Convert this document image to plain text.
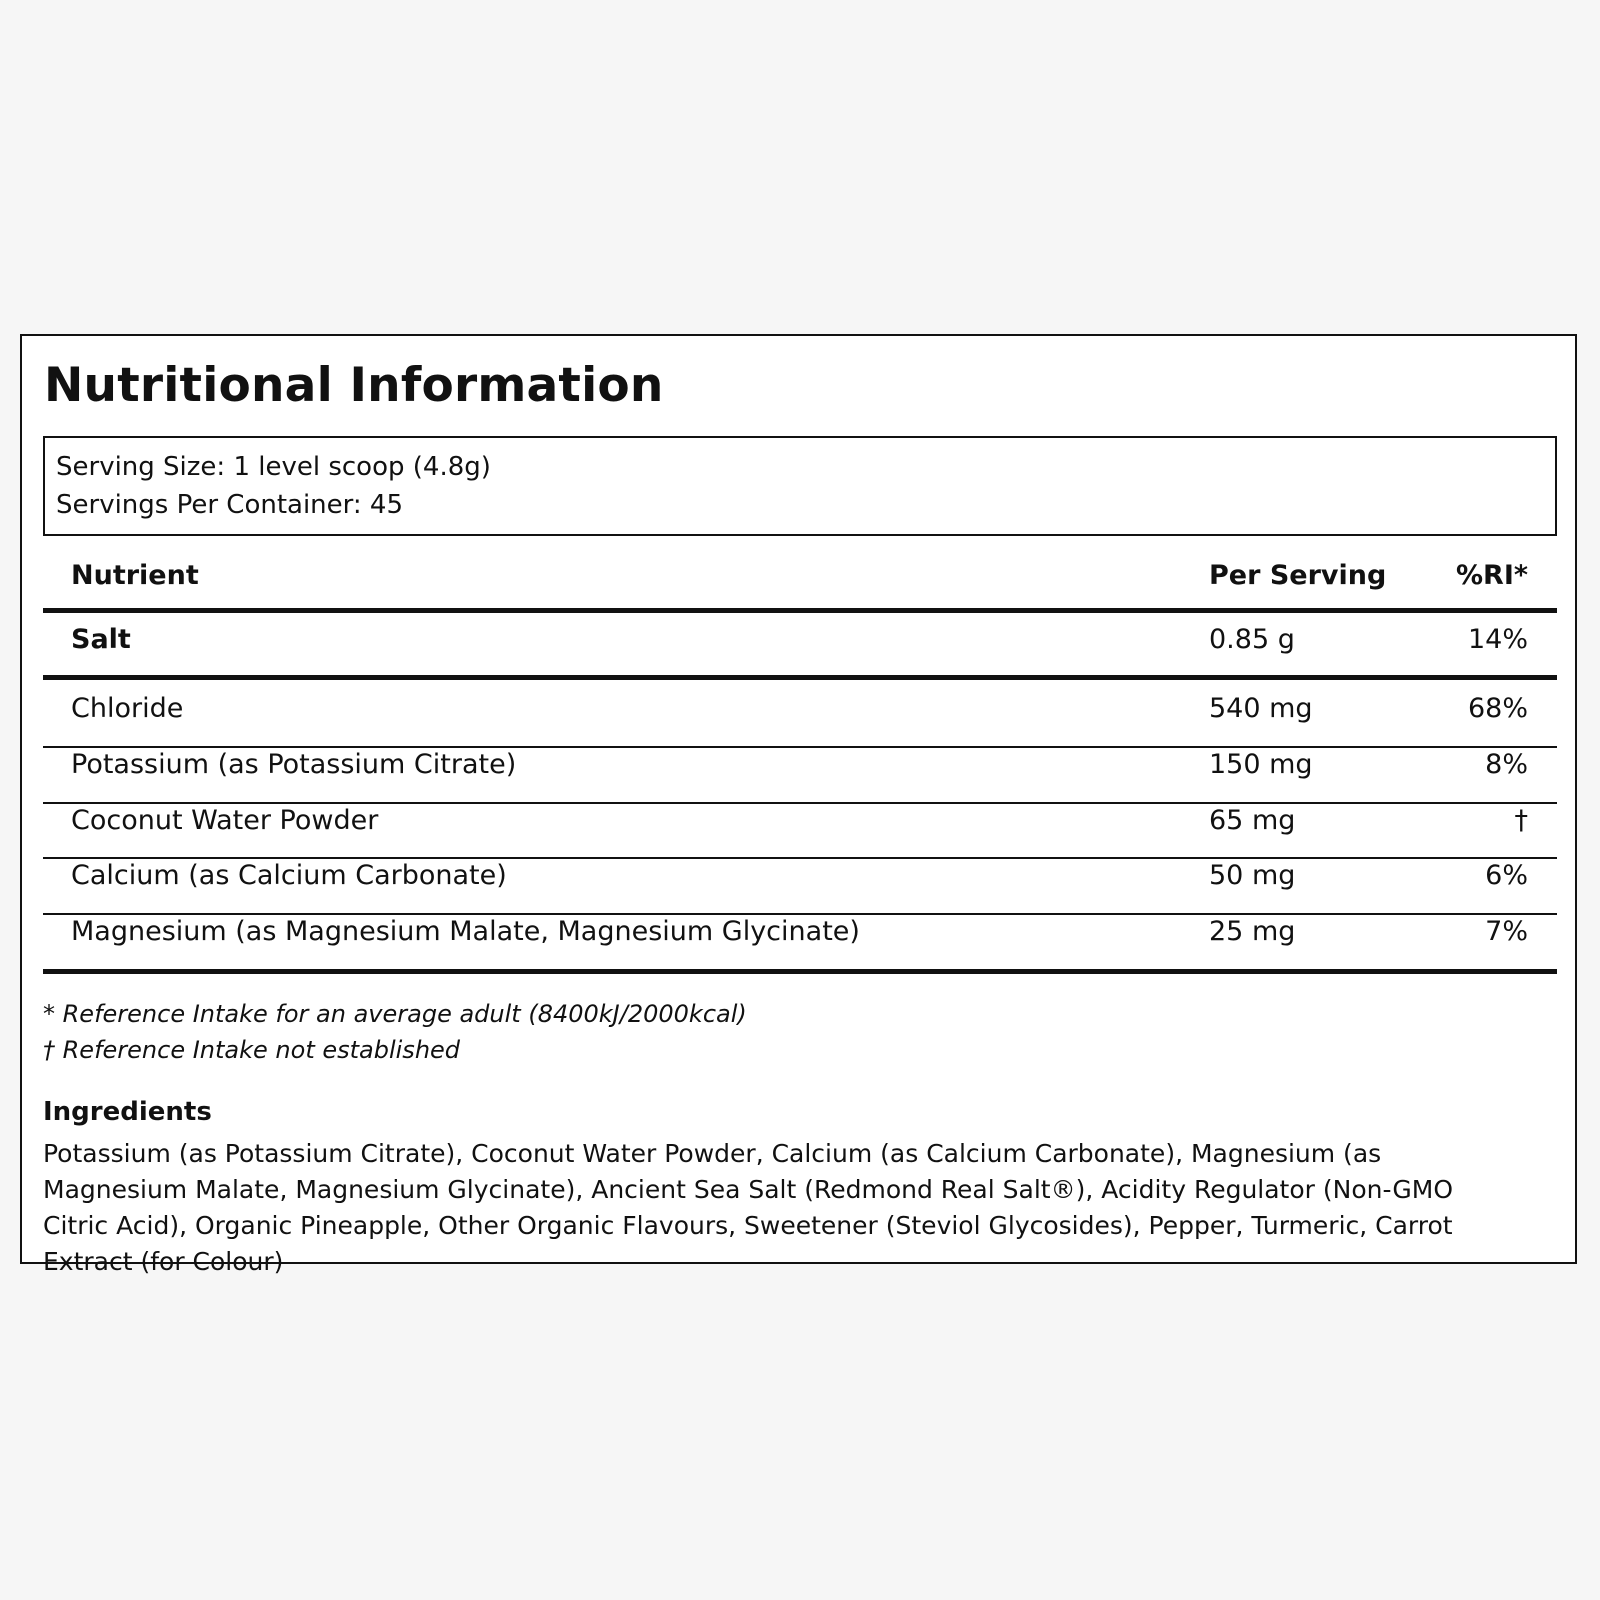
Nutritional Information
Serving Size: 1 level scoop (4.8g)
Servings Per Container: 45
Nutrient	Per Serving	%RI*
Salt	0.85 g	14%
Chloride	540 mg	68%
Potassium (as Potassium Citrate)	150 mg	8%
Coconut Water Powder	65 mg	†
Calcium (as Calcium Carbonate)	50 mg	6%
Magnesium (as Magnesium Malate, Magnesium Glycinate)	25 mg	7%
* Reference Intake for an average adult (8400kJ/2000kcal)
† Reference Intake not established
Ingredients

Potassium (as Potassium Citrate), Coconut Water Powder, Calcium (as Calcium Carbonate), Magnesium (as Magnesium Malate, Magnesium Glycinate), Ancient Sea Salt (Redmond Real Salt®), Acidity Regulator (Non-GMO Citric Acid), Organic Pineapple, Other Organic Flavours, Sweetener (Steviol Glycosides), Pepper, Turmeric, Carrot Extract (for Colour)
